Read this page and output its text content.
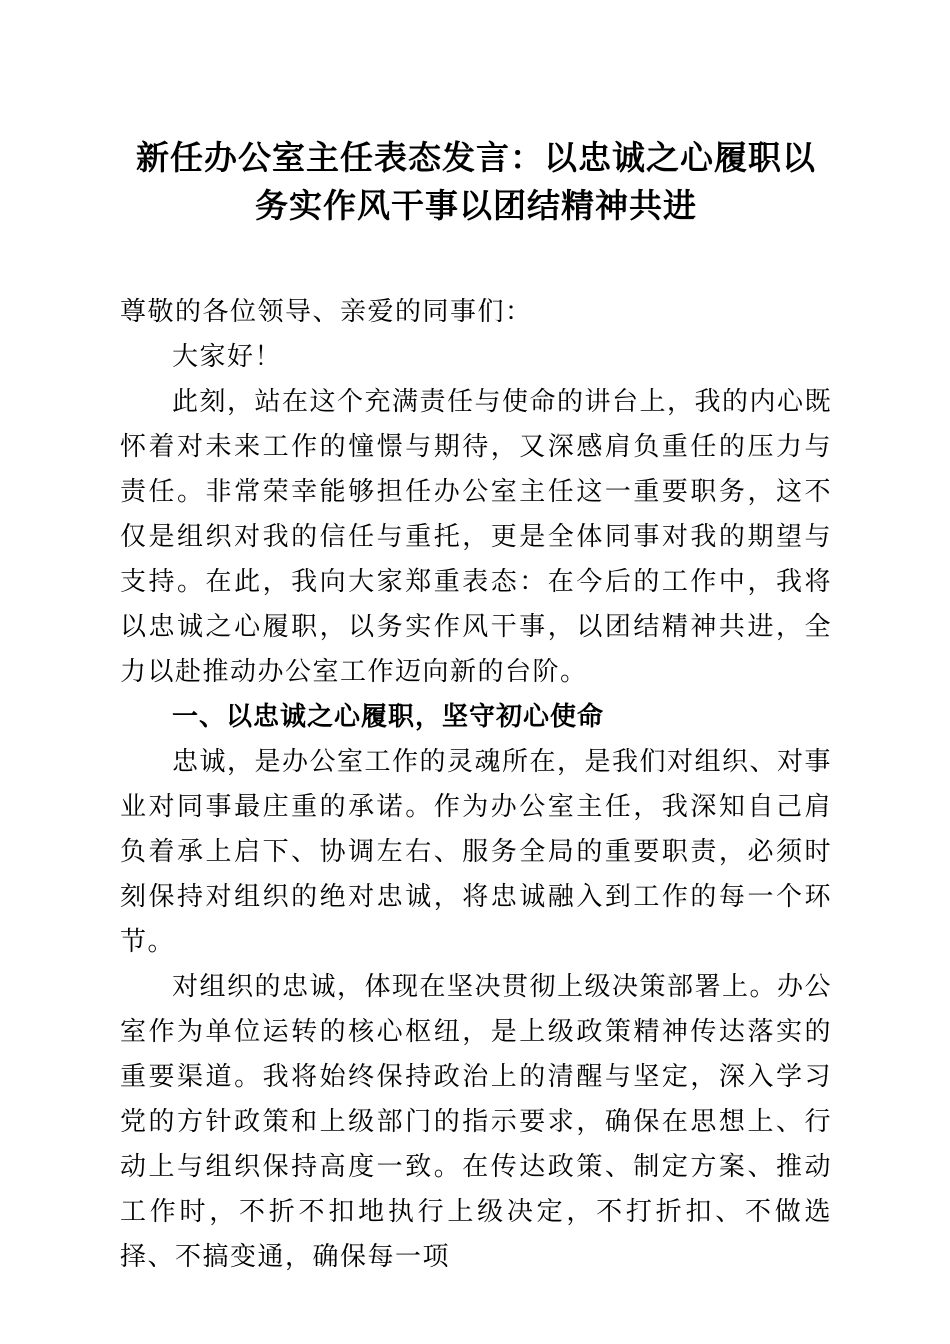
新任办公室主任表态发言：以忠诚之心履职以务实作风干事以团结精神共进

尊敬的各位领导、亲爱的同事们：

大家好！

此刻，站在这个充满责任与使命的讲台上，我的内心既怀着对未来工作的憧憬与期待，又深感肩负重任的压力与责任。非常荣幸能够担任办公室主任这一重要职务，这不仅是组织对我的信任与重托，更是全体同事对我的期望与支持。在此，我向大家郑重表态：在今后的工作中，我将以忠诚之心履职，以务实作风干事，以团结精神共进，全力以赴推动办公室工作迈向新的台阶。

一、以忠诚之心履职，坚守初心使命

忠诚，是办公室工作的灵魂所在，是我们对组织、对事业对同事最庄重的承诺。作为办公室主任，我深知自己肩负着承上启下、协调左右、服务全局的重要职责，必须时刻保持对组织的绝对忠诚，将忠诚融入到工作的每一个环节。

对组织的忠诚，体现在坚决贯彻上级决策部署上。办公室作为单位运转的核心枢纽，是上级政策精神传达落实的重要渠道。我将始终保持政治上的清醒与坚定，深入学习党的方针政策和上级部门的指示要求，确保在思想上、行动上与组织保持高度一致。在传达政策、制定方案、推动工作时，不折不扣地执行上级决定，不打折扣、不做选择、不搞变通，确保每一项
